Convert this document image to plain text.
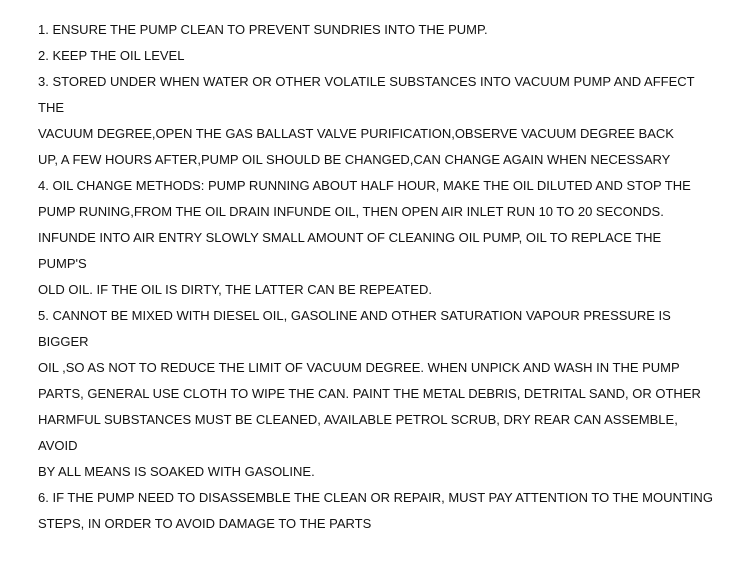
1. ENSURE THE PUMP CLEAN TO PREVENT SUNDRIES INTO THE PUMP.
2. KEEP THE OIL LEVEL
3. STORED UNDER WHEN WATER OR OTHER VOLATILE SUBSTANCES INTO VACUUM PUMP AND AFFECT
THE
VACUUM DEGREE,OPEN THE GAS BALLAST VALVE PURIFICATION,OBSERVE VACUUM DEGREE BACK
UP, A FEW HOURS AFTER,PUMP OIL SHOULD BE CHANGED,CAN CHANGE AGAIN WHEN NECESSARY
4. OIL CHANGE METHODS: PUMP RUNNING ABOUT HALF HOUR, MAKE THE OIL DILUTED AND STOP THE
PUMP RUNING,FROM THE OIL DRAIN INFUNDE OIL, THEN OPEN AIR INLET RUN 10 TO 20 SECONDS.
INFUNDE INTO AIR ENTRY SLOWLY SMALL AMOUNT OF CLEANING OIL PUMP, OIL TO REPLACE THE
PUMP'S
OLD OIL. IF THE OIL IS DIRTY, THE LATTER CAN BE REPEATED.
5. CANNOT BE MIXED WITH DIESEL OIL, GASOLINE AND OTHER SATURATION VAPOUR PRESSURE IS
BIGGER
OIL ,SO AS NOT TO REDUCE THE LIMIT OF VACUUM DEGREE. WHEN UNPICK AND WASH IN THE PUMP
PARTS, GENERAL USE CLOTH TO WIPE THE CAN. PAINT THE METAL DEBRIS, DETRITAL SAND, OR OTHER
HARMFUL SUBSTANCES MUST BE CLEANED, AVAILABLE PETROL SCRUB, DRY REAR CAN ASSEMBLE,
AVOID
BY ALL MEANS IS SOAKED WITH GASOLINE.
6. IF THE PUMP NEED TO DISASSEMBLE THE CLEAN OR REPAIR, MUST PAY ATTENTION TO THE MOUNTING
STEPS, IN ORDER TO AVOID DAMAGE TO THE PARTS
